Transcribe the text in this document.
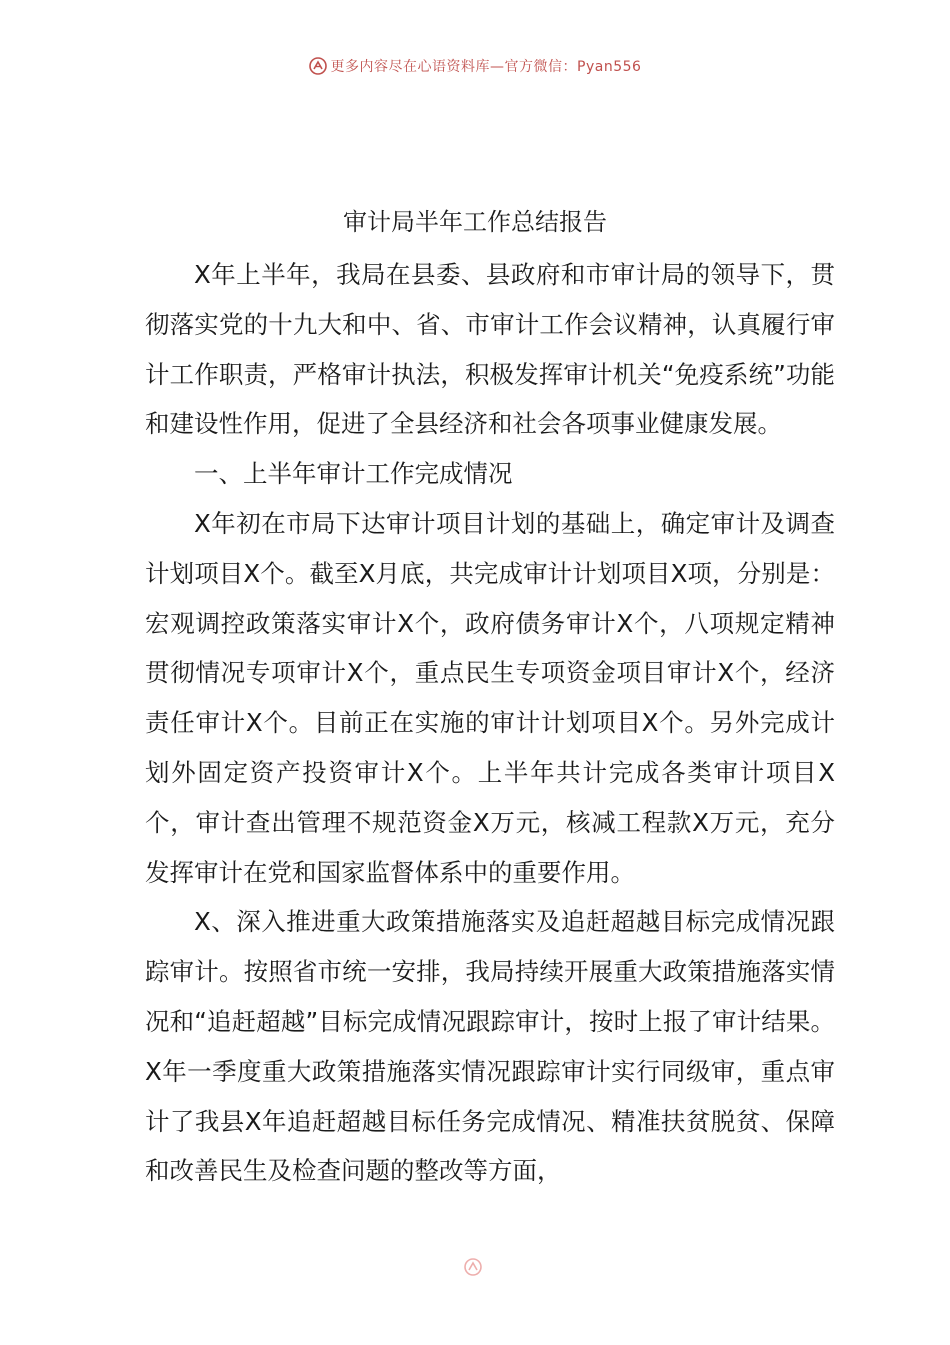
更多内容尽在心语资料库—官方微信：Pyan556
审计局半年工作总结报告

X年上半年，我局在县委、县政府和市审计局的领导下，贯彻落实党的十九大和中、省、市审计工作会议精神，认真履行审计工作职责，严格审计执法，积极发挥审计机关“免疫系统”功能和建设性作用，促进了全县经济和社会各项事业健康发展。

一、上半年审计工作完成情况

X年初在市局下达审计项目计划的基础上，确定审计及调查计划项目X个。截至X月底，共完成审计计划项目X项，分别是：宏观调控政策落实审计X个，政府债务审计X个，八项规定精神贯彻情况专项审计X个，重点民生专项资金项目审计X个，经济责任审计X个。目前正在实施的审计计划项目X个。另外完成计划外固定资产投资审计X个。上半年共计完成各类审计项目X个，审计查出管理不规范资金X万元，核减工程款X万元，充分发挥审计在党和国家监督体系中的重要作用。

X、深入推进重大政策措施落实及追赶超越目标完成情况跟踪审计。按照省市统一安排，我局持续开展重大政策措施落实情况和“追赶超越”目标完成情况跟踪审计，按时上报了审计结果。X年一季度重大政策措施落实情况跟踪审计实行同级审，重点审计了我县X年追赶超越目标任务完成情况、精准扶贫脱贫、保障和改善民生及检查问题的整改等方面，
